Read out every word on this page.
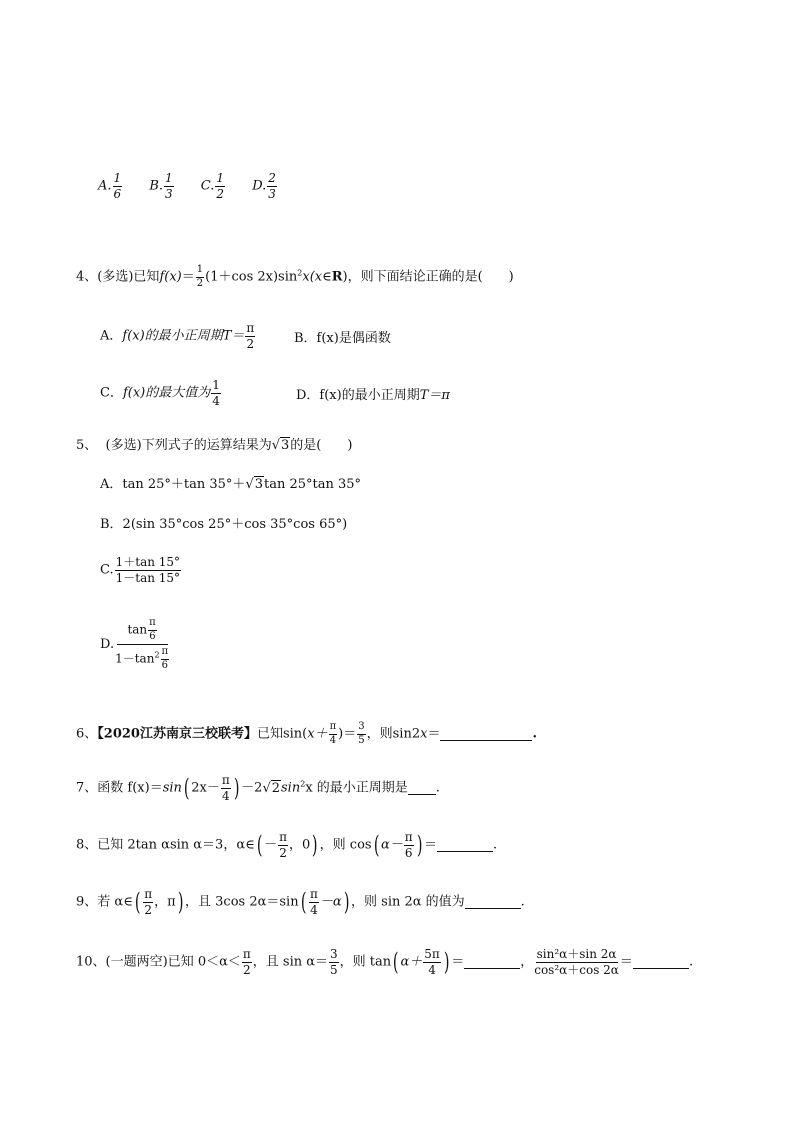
A. $\frac{1}{6} B$. $\frac{1}{3} C$. $\frac{1}{2} D$. $\frac{2}{3}$
4、(多选)已知$f(x)= \frac{1}{2} (1+\cos$ $2x)\sin^2x(x\in R)$，则下面结论正确的是(　　)
A．f(x)的最小正周期$T= \frac{\pi}{2}$	B．f(x)是偶函数
C．f(x)的最大值为 $\frac{1}{4}$	D．f(x)的最小正周期T＝π
5、 (多选)下列式子的运算结果为√3的是(　　)
A．tan 25°＋tan 35°＋√3tan 25°tan 35°
B．2(sin 35°cos 25°＋cos 35°cos 65°)
C. $\frac{1+\tan 15^\circ}{1-\tan 15^\circ}$
D. $\frac{\tan \frac{\pi}{6}}{1-\tan^2 \frac{\pi}{6}}$
6、【2020江苏南京三校联考】已知$\sin(x+ \frac{\pi}{4}$ )＝ $\frac{3}{5}$ ，则sin2x＝	.
7、函数 f(x)＝sin( $2x- \frac{\pi}{4}$ ) $-2√2\sin^2x$ 的最小正周期是 .
8、已知 2tan αsin α＝3，α∈( － $\frac{\pi}{2}$ ，0) ，则 cos( $\alpha- \frac{\pi}{6}$ ) ＝	.
9、若 α∈( $\frac{\pi}{2}$ ，π) ，且 3cos $2\alpha=\sin( \frac{\pi}{4} -\alpha)$ ，则 sin 2α 的值为	.
10、(一题两空)已知 $0<\alpha< \frac{\pi}{2}$ ，且 $\sin \alpha= \frac{3}{5}$ ，则 tan( $\alpha+ \frac{5\pi}{4}$ ) ＝	， $\frac{\text{sin²α＋sin 2α}}{\text{cos²α＋cos 2α}}$ ＝	.
